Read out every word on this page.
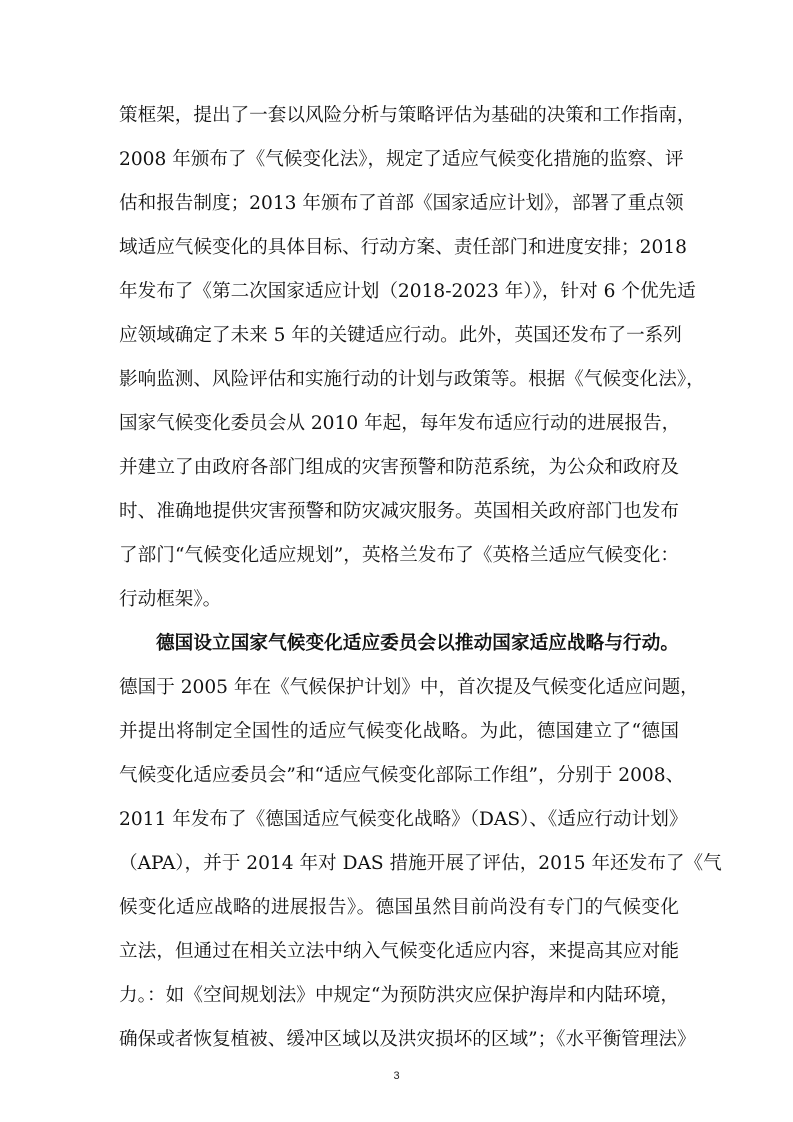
策框架，提出了一套以风险分析与策略评估为基础的决策和工作指南，
2008 年颁布了《气候变化法》，规定了适应气候变化措施的监察、评
估和报告制度；2013 年颁布了首部《国家适应计划》，部署了重点领
域适应气候变化的具体目标、行动方案、责任部门和进度安排；2018
年发布了《第二次国家适应计划（2018-2023 年）》，针对 6 个优先适
应领域确定了未来 5 年的关键适应行动。此外，英国还发布了一系列
影响监测、风险评估和实施行动的计划与政策等。根据《气候变化法》，
国家气候变化委员会从 2010 年起，每年发布适应行动的进展报告，
并建立了由政府各部门组成的灾害预警和防范系统，为公众和政府及
时、准确地提供灾害预警和防灾减灾服务。英国相关政府部门也发布
了部门“气候变化适应规划”，英格兰发布了《英格兰适应气候变化：
行动框架》。
德国设立国家气候变化适应委员会以推动国家适应战略与行动。
德国于 2005 年在《气候保护计划》中，首次提及气候变化适应问题，
并提出将制定全国性的适应气候变化战略。为此，德国建立了“德国
气候变化适应委员会”和“适应气候变化部际工作组”，分别于 2008、
2011 年发布了《德国适应气候变化战略》（DAS）、《适应行动计划》
（APA），并于 2014 年对 DAS 措施开展了评估，2015 年还发布了《气
候变化适应战略的进展报告》。德国虽然目前尚没有专门的气候变化
立法，但通过在相关立法中纳入气候变化适应内容，来提高其应对能
力。：如《空间规划法》中规定“为预防洪灾应保护海岸和内陆环境，
确保或者恢复植被、缓冲区域以及洪灾损坏的区域”；《水平衡管理法》
3
